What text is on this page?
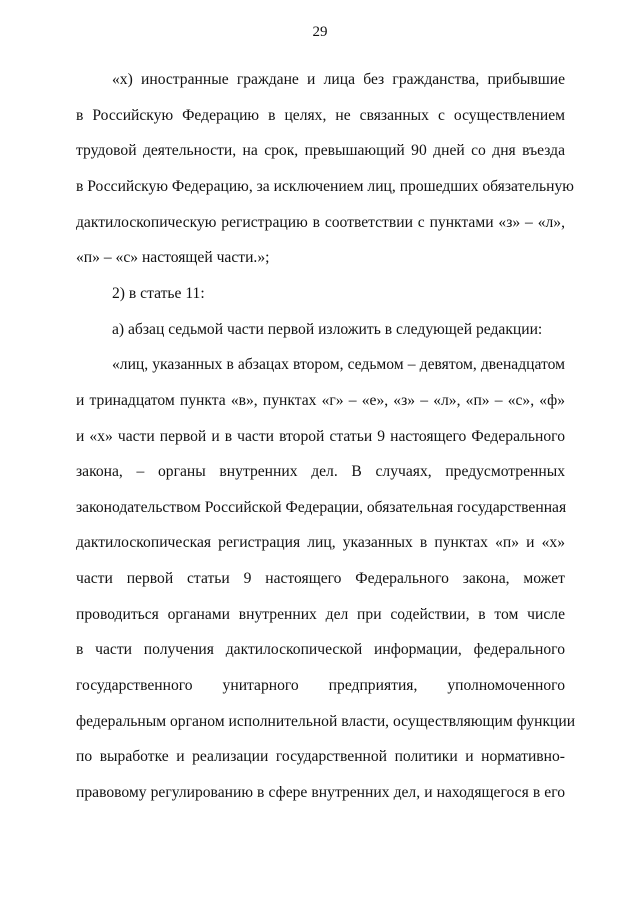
29
«х) иностранные граждане и лица без гражданства, прибывшие
в Российскую Федерацию в целях, не связанных с осуществлением
трудовой деятельности, на срок, превышающий 90 дней со дня въезда
в Российскую Федерацию, за исключением лиц, прошедших обязательную
дактилоскопическую регистрацию в соответствии с пунктами «з» – «л»,
«п» – «с» настоящей части.»;
2) в статье 11:
а) абзац седьмой части первой изложить в следующей редакции:
«лиц, указанных в абзацах втором, седьмом – девятом, двенадцатом
и тринадцатом пункта «в», пунктах «г» – «е», «з» – «л», «п» – «с», «ф»
и «х» части первой и в части второй статьи 9 настоящего Федерального
закона, – органы внутренних дел. В случаях, предусмотренных
законодательством Российской Федерации, обязательная государственная
дактилоскопическая регистрация лиц, указанных в пунктах «п» и «х»
части первой статьи 9 настоящего Федерального закона, может
проводиться органами внутренних дел при содействии, в том числе
в части получения дактилоскопической информации, федерального
государственного унитарного предприятия, уполномоченного
федеральным органом исполнительной власти, осуществляющим функции
по выработке и реализации государственной политики и нормативно-
правовому регулированию в сфере внутренних дел, и находящегося в его
